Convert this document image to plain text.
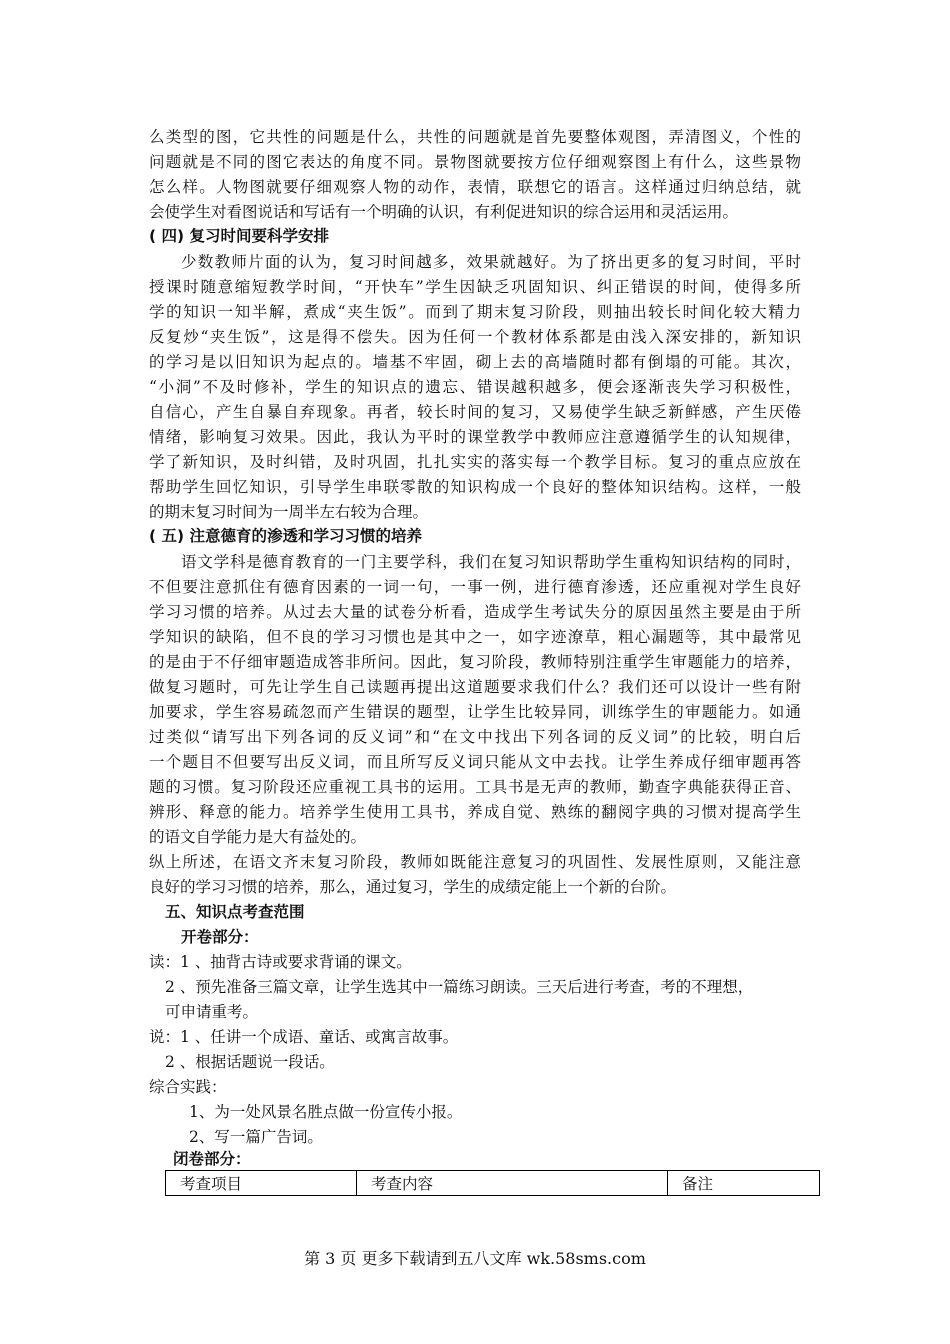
么类型的图，它共性的问题是什么，共性的问题就是首先要整体观图，弄清图义，个性的
问题就是不同的图它表达的角度不同。景物图就要按方位仔细观察图上有什么，这些景物
怎么样。人物图就要仔细观察人物的动作，表情，联想它的语言。这样通过归纳总结，就
会使学生对看图说话和写话有一个明确的认识，有利促进知识的综合运用和灵活运用。
( 四) 复习时间要科学安排
少数教师片面的认为，复习时间越多，效果就越好。为了挤出更多的复习时间，平时
授课时随意缩短教学时间，“开快车”学生因缺乏巩固知识、纠正错误的时间，使得多所
学的知识一知半解，煮成“夹生饭”。而到了期末复习阶段，则抽出较长时间化较大精力
反复炒“夹生饭”，这是得不偿失。因为任何一个教材体系都是由浅入深安排的，新知识
的学习是以旧知识为起点的。墙基不牢固，砌上去的高墙随时都有倒塌的可能。其次，
“小洞”不及时修补，学生的知识点的遗忘、错误越积越多，便会逐渐丧失学习积极性，
自信心，产生自暴自弃现象。再者，较长时间的复习，又易使学生缺乏新鲜感，产生厌倦
情绪，影响复习效果。因此，我认为平时的课堂教学中教师应注意遵循学生的认知规律，
学了新知识，及时纠错，及时巩固，扎扎实实的落实每一个教学目标。复习的重点应放在
帮助学生回忆知识，引导学生串联零散的知识构成一个良好的整体知识结构。这样，一般
的期末复习时间为一周半左右较为合理。
( 五) 注意德育的渗透和学习习惯的培养
语文学科是德育教育的一门主要学科，我们在复习知识帮助学生重构知识结构的同时，
不但要注意抓住有德育因素的一词一句，一事一例，进行德育渗透，还应重视对学生良好
学习习惯的培养。从过去大量的试卷分析看，造成学生考试失分的原因虽然主要是由于所
学知识的缺陷，但不良的学习习惯也是其中之一，如字迹潦草，粗心漏题等，其中最常见
的是由于不仔细审题造成答非所问。因此，复习阶段，教师特别注重学生审题能力的培养，
做复习题时，可先让学生自己读题再提出这道题要求我们什么？我们还可以设计一些有附
加要求，学生容易疏忽而产生错误的题型，让学生比较异同，训练学生的审题能力。如通
过类似“请写出下列各词的反义词”和“在文中找出下列各词的反义词”的比较，明白后
一个题目不但要写出反义词，而且所写反义词只能从文中去找。让学生养成仔细审题再答
题的习惯。复习阶段还应重视工具书的运用。工具书是无声的教师，勤查字典能获得正音、
辨形、释意的能力。培养学生使用工具书，养成自觉、熟练的翻阅字典的习惯对提高学生
的语文自学能力是大有益处的。
纵上所述，在语文齐末复习阶段，教师如既能注意复习的巩固性、发展性原则，又能注意
良好的学习习惯的培养，那么，通过复习，学生的成绩定能上一个新的台阶。
五、知识点考查范围
开卷部分：
读：1 、抽背古诗或要求背诵的课文。
2 、预先准备三篇文章，让学生选其中一篇练习朗读。三天后进行考查，考的不理想，
可申请重考。
说：1 、任讲一个成语、童话、或寓言故事。
2 、根据话题说一段话。
综合实践：
1、为一处风景名胜点做一份宣传小报。
2、写一篇广告词。
闭卷部分：
考查项目	考查内容	备注
第 3 页 更多下载请到五八文库 wk.58sms.com
